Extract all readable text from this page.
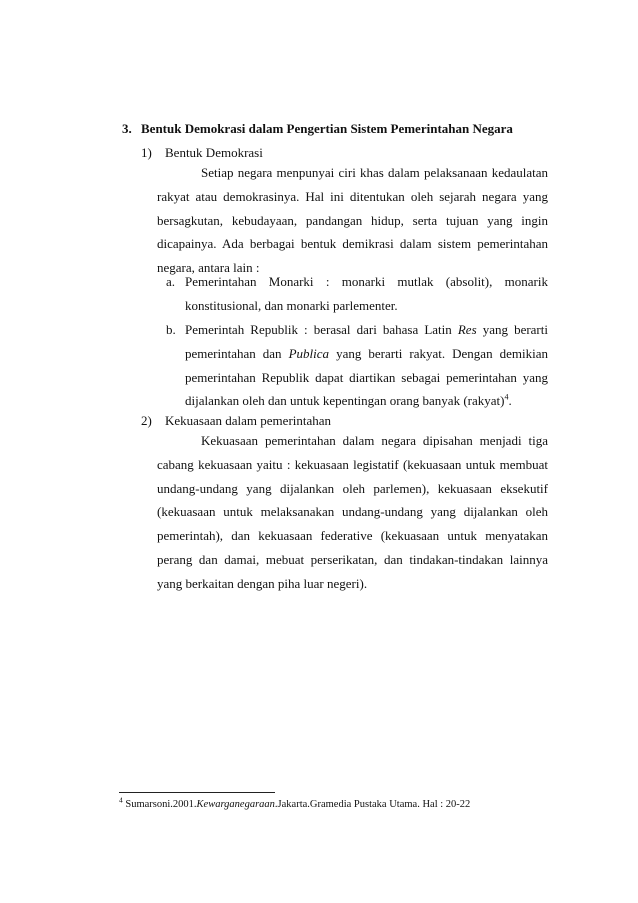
3. Bentuk Demokrasi dalam Pengertian Sistem Pemerintahan Negara
1) Bentuk Demokrasi

Setiap negara menpunyai ciri khas dalam pelaksanaan kedaulatan rakyat atau demokrasinya. Hal ini ditentukan oleh sejarah negara yang bersagkutan, kebudayaan, pandangan hidup, serta tujuan yang ingin dicapainya. Ada berbagai bentuk demikrasi dalam sistem pemerintahan negara, antara lain :

a. Pemerintahan Monarki : monarki mutlak (absolit), monarik konstitusional, dan monarki parlementer.
b. Pemerintah Republik : berasal dari bahasa Latin Res yang berarti pemerintahan dan Publica yang berarti rakyat. Dengan demikian pemerintahan Republik dapat diartikan sebagai pemerintahan yang dijalankan oleh dan untuk kepentingan orang banyak (rakyat)$^4$.
2) Kekuasaan dalam pemerintahan

Kekuasaan pemerintahan dalam negara dipisahan menjadi tiga cabang kekuasaan yaitu : kekuasaan legistatif (kekuasaan untuk membuat undang-undang yang dijalankan oleh parlemen), kekuasaan eksekutif (kekuasaan untuk melaksanakan undang-undang yang dijalankan oleh pemerintah), dan kekuasaan federative (kekuasaan untuk menyatakan perang dan damai, mebuat perserikatan, dan tindakan-tindakan lainnya yang berkaitan dengan piha luar negeri).

$^4$ Sumarsoni.2001.Kewarganegaraan.Jakarta.Gramedia Pustaka Utama. Hal : 20-22
